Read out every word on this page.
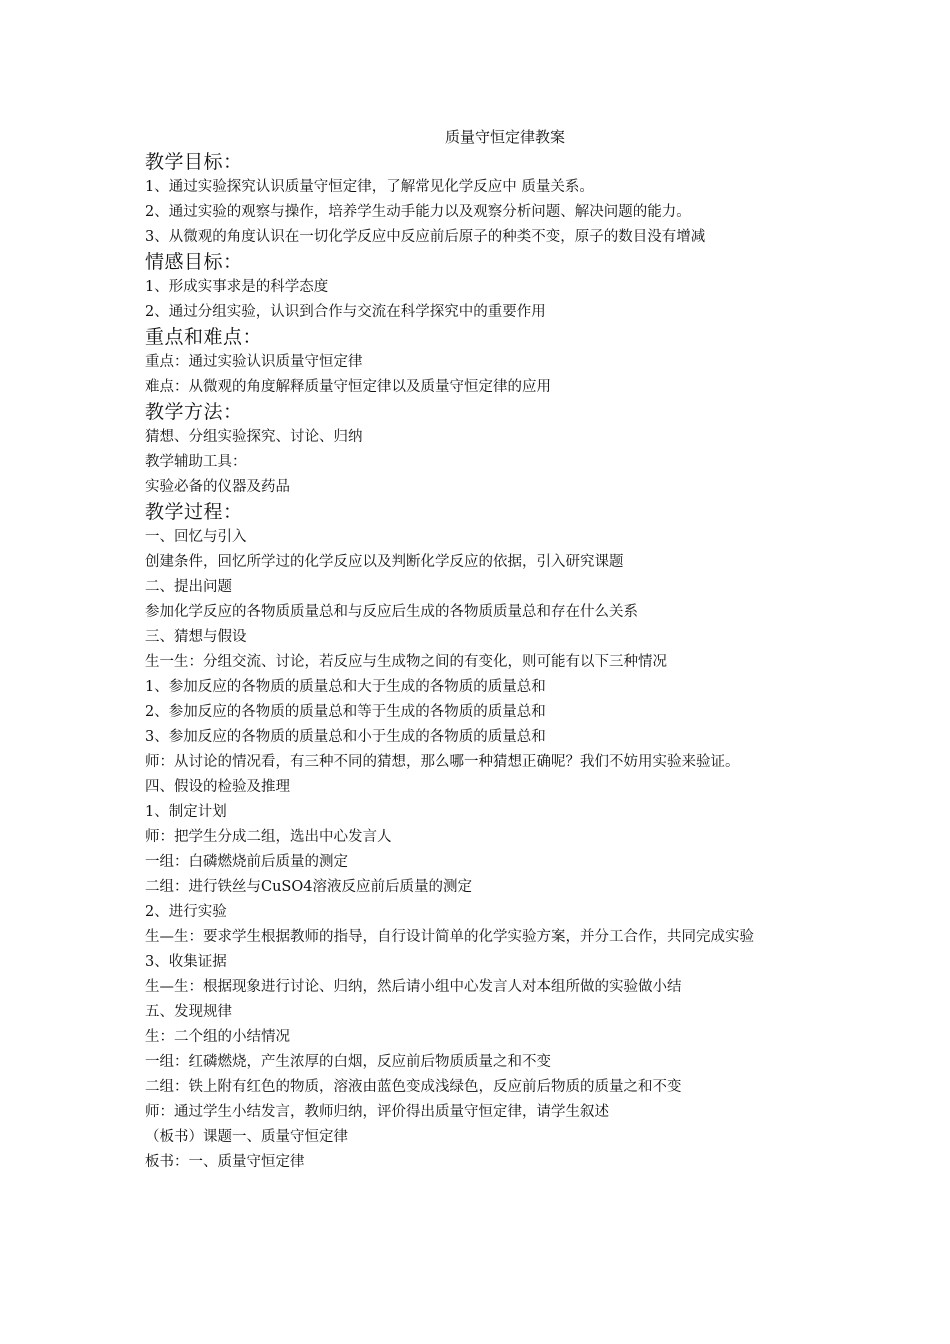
质量守恒定律教案
教学目标：

1、通过实验探究认识质量守恒定律，了解常见化学反应中 质量关系。

2、通过实验的观察与操作，培养学生动手能力以及观察分析问题、解决问题的能力。

3、从微观的角度认识在一切化学反应中反应前后原子的种类不变，原子的数目没有增减

情感目标：

1、形成实事求是的科学态度

2、通过分组实验，认识到合作与交流在科学探究中的重要作用

重点和难点：

重点：通过实验认识质量守恒定律

难点：从微观的角度解释质量守恒定律以及质量守恒定律的应用

教学方法：

猜想、分组实验探究、讨论、归纳

教学辅助工具：

实验必备的仪器及药品

教学过程：

一、回忆与引入

创建条件，回忆所学过的化学反应以及判断化学反应的依据，引入研究课题

二、提出问题

参加化学反应的各物质质量总和与反应后生成的各物质质量总和存在什么关系

三、猜想与假设

生一生：分组交流、讨论，若反应与生成物之间的有变化，则可能有以下三种情况

1、参加反应的各物质的质量总和大于生成的各物质的质量总和

2、参加反应的各物质的质量总和等于生成的各物质的质量总和

3、参加反应的各物质的质量总和小于生成的各物质的质量总和

师：从讨论的情况看，有三种不同的猜想，那么哪一种猜想正确呢？我们不妨用实验来验证。

四、假设的检验及推理

1、制定计划

师：把学生分成二组，选出中心发言人

一组：白磷燃烧前后质量的测定

二组：进行铁丝与CuSO4溶液反应前后质量的测定

2、进行实验

生—生：要求学生根据教师的指导，自行设计简单的化学实验方案，并分工合作，共同完成实验

3、收集证据

生—生：根据现象进行讨论、归纳，然后请小组中心发言人对本组所做的实验做小结

五、发现规律

生：二个组的小结情况

一组：红磷燃烧，产生浓厚的白烟，反应前后物质质量之和不变

二组：铁上附有红色的物质，溶液由蓝色变成浅绿色，反应前后物质的质量之和不变

师：通过学生小结发言，教师归纳，评价得出质量守恒定律，请学生叙述

（板书）课题一、质量守恒定律

板书：一、质量守恒定律
